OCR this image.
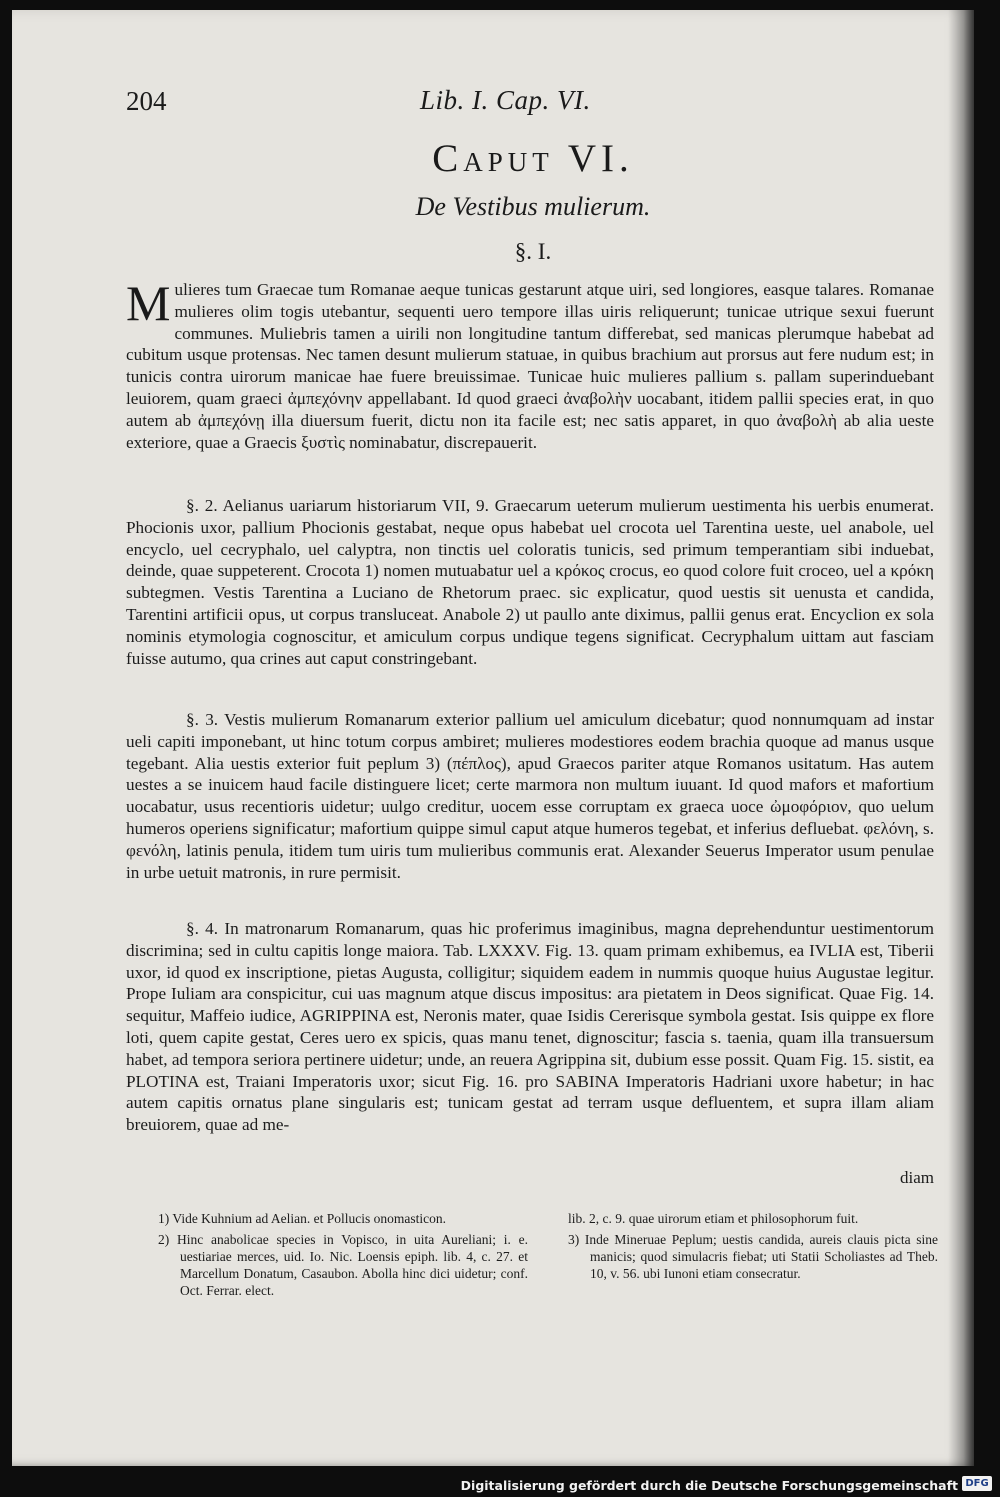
204	Lib. I. Cap. VI.
Caput VI.
De Vestibus mulierum.
§. I.
M ulieres tum Graecae tum Romanae aeque tunicas gestarunt atque uiri, sed longiores, easque talares. Romanae mulieres olim togis utebantur, sequenti uero tempore illas uiris reliquerunt; tunicae utrique sexui fuerunt communes. Muliebris tamen a uirili non longitudine tantum differebat, sed manicas plerumque habebat ad cubitum usque protensas. Nec tamen desunt mulierum statuae, in quibus brachium aut prorsus aut fere nudum est; in tunicis contra uirorum manicae hae fuere breuissimae. Tunicae huic mulieres pallium s. pallam superinduebant leuiorem, quam graeci ἀμπεχόνην appellabant. Id quod graeci ἀναβολὴν uocabant, itidem pallii species erat, in quo autem ab ἀμπεχόνῃ illa diuersum fuerit, dictu non ita facile est; nec satis apparet, in quo ἀναβολὴ ab alia ueste exteriore, quae a Graecis ξυστὶς nominabatur, discrepauerit.

§. 2. Aelianus uariarum historiarum VII, 9. Graecarum ueterum mulierum uestimenta his uerbis enumerat. Phocionis uxor, pallium Phocionis gestabat, neque opus habebat uel crocota uel Tarentina ueste, uel anabole, uel encyclo, uel cecryphalo, uel calyptra, non tinctis uel coloratis tunicis, sed primum temperantiam sibi induebat, deinde, quae suppeterent. Crocota 1) nomen mutuabatur uel a κρόκος crocus, eo quod colore fuit croceo, uel a κρόκη subtegmen. Vestis Tarentina a Luciano de Rhetorum praec. sic explicatur, quod uestis sit uenusta et candida, Tarentini artificii opus, ut corpus transluceat. Anabole 2) ut paullo ante diximus, pallii genus erat. Encyclion ex sola nominis etymologia cognoscitur, et amiculum corpus undique tegens significat. Cecryphalum uittam aut fasciam fuisse autumo, qua crines aut caput constringebant.

§. 3. Vestis mulierum Romanarum exterior pallium uel amiculum dicebatur; quod nonnumquam ad instar ueli capiti imponebant, ut hinc totum corpus ambiret; mulieres modestiores eodem brachia quoque ad manus usque tegebant. Alia uestis exterior fuit peplum 3) (πέπλος), apud Graecos pariter atque Romanos usitatum. Has autem uestes a se inuicem haud facile distinguere licet; certe marmora non multum iuuant. Id quod mafors et mafortium uocabatur, usus recentioris uidetur; uulgo creditur, uocem esse corruptam ex graeca uoce ὠμοφόριον, quo uelum humeros operiens significatur; mafortium quippe simul caput atque humeros tegebat, et inferius defluebat. φελόνη, s. φενόλη, latinis penula, itidem tum uiris tum mulieribus communis erat. Alexander Seuerus Imperator usum penulae in urbe uetuit matronis, in rure permisit.

§. 4. In matronarum Romanarum, quas hic proferimus imaginibus, magna deprehenduntur uestimentorum discrimina; sed in cultu capitis longe maiora. Tab. LXXXV. Fig. 13. quam primam exhibemus, ea IVLIA est, Tiberii uxor, id quod ex inscriptione, pietas Augusta, colligitur; siquidem eadem in nummis quoque huius Augustae legitur. Prope Iuliam ara conspicitur, cui uas magnum atque discus impositus: ara pietatem in Deos significat. Quae Fig. 14. sequitur, Maffeio iudice, AGRIPPINA est, Neronis mater, quae Isidis Cererisque symbola gestat. Isis quippe ex flore loti, quem capite gestat, Ceres uero ex spicis, quas manu tenet, dignoscitur; fascia s. taenia, quam illa transuersum habet, ad tempora seriora pertinere uidetur; unde, an reuera Agrippina sit, dubium esse possit. Quam Fig. 15. sistit, ea PLOTINA est, Traiani Imperatoris uxor; sicut Fig. 16. pro SABINA Imperatoris Hadriani uxore habetur; in hac autem capitis ornatus plane singularis est; tunicam gestat ad terram usque defluentem, et supra illam aliam breuiorem, quae ad me-

diam

1) Vide Kuhnium ad Aelian. et Pollucis onomasticon.

2) Hinc anabolicae species in Vopisco, in uita Aureliani; i. e. uestiariae merces, uid. Io. Nic. Loensis epiph. lib. 4, c. 27. et Marcellum Donatum, Casaubon. Abolla hinc dici uidetur; conf. Oct. Ferrar. elect.

lib. 2, c. 9. quae uirorum etiam et philosophorum fuit.

3) Inde Mineruae Peplum; uestis candida, aureis clauis picta sine manicis; quod simulacris fiebat; uti Statii Scholiastes ad Theb. 10, v. 56. ubi Iunoni etiam consecratur.

Digitalisierung gefördert durch die Deutsche Forschungsgemeinschaft DFG
